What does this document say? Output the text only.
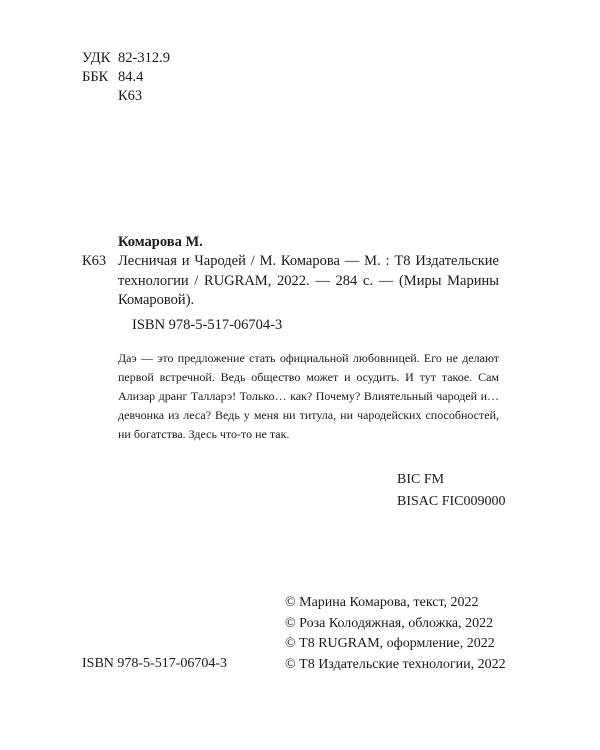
УДК 82-312.9
ББК 84.4
К63
Комарова М.
К63 Лесничая и Чародей / М. Комарова — М. : Т8 Издательские технологии / RUGRAM, 2022. — 284 с. — (Миры Марины Комаровой).
ISBN 978-5-517-06704-3
Даэ — это предложение стать официальной любовницей. Его не делают первой встречной. Ведь общество может и осудить. И тут такое. Сам Ализар дранг Талларэ! Только… как? Почему? Влиятельный чародей и… девчонка из леса? Ведь у меня ни титула, ни чародейских способностей, ни богатства. Здесь что-то не так.
BIC FM
BISAC FIC009000
© Марина Комарова, текст, 2022
© Роза Колодяжная, обложка, 2022
© Т8 RUGRAM, оформление, 2022
© Т8 Издательские технологии, 2022
ISBN 978-5-517-06704-3
